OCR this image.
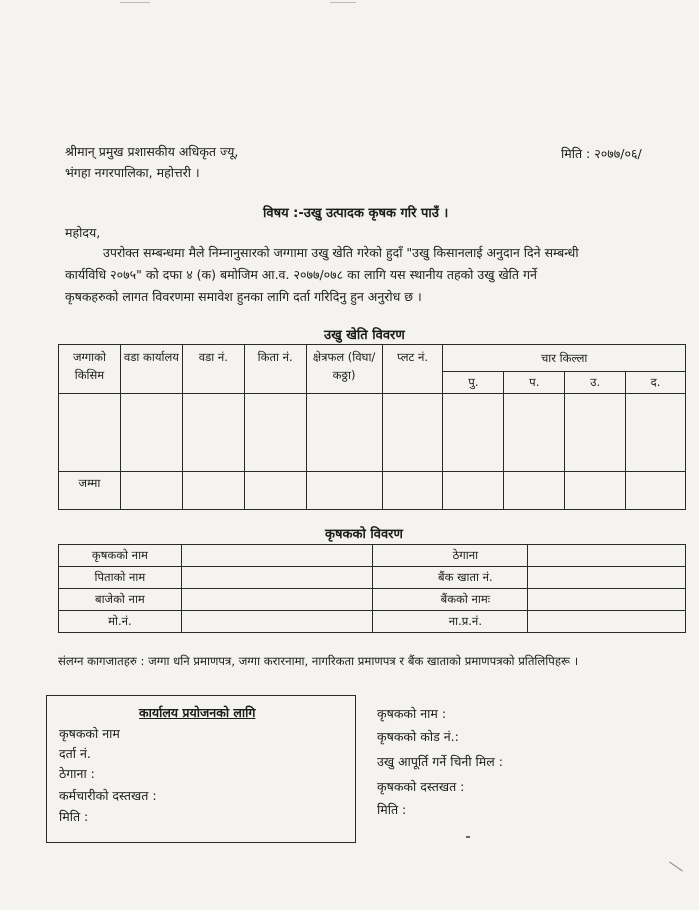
श्रीमान् प्रमुख प्रशासकीय अधिकृत ज्यू,
भंगहा नगरपालिका, महोत्तरी ।
मिति : २०७७/०६/
विषय :-उखु उत्पादक कृषक गरि पाउँ ।
महोदय,
उपरोक्त सम्बन्धमा मैले निम्नानुसारको जग्गामा उखु खेति गरेको हुदाँ "उखु किसानलाई अनुदान दिने सम्बन्धी
कार्यविधि २०७५" को दफा ४ (क) बमोजिम आ.व. २०७७/०७८ का लागि यस स्थानीय तहको उखु खेति गर्ने
कृषकहरुको लागत विवरणमा समावेश हुनका लागि दर्ता गरिदिनु हुन अनुरोध छ ।
उखु खेति विवरण
जग्गाको किसिम	वडा कार्यालय	वडा नं.	किता नं.	क्षेत्रफल (विघा/कठ्ठा)	प्लट नं.	चार किल्ला			
						पु.	प.	उ.	द.

जम्मा									
कृषकको विवरण
कृषकको नाम		ठेगाना	
पिताको नाम		बैंक खाता नं.	
बाजेको नाम		बैंकको नामः	
मो.नं.		ना.प्र.नं.	
संलग्न कागजातहरु : जग्गा धनि प्रमाणपत्र, जग्गा करारनामा, नागरिकता प्रमाणपत्र र बैंक खाताको प्रमाणपत्रको प्रतिलिपिहरू ।
कार्यालय प्रयोजनको लागि
कृषकको नाम
दर्ता नं.
ठेगाना :
कर्मचारीको दस्तखत :
मिति :
कृषकको नाम :
कृषकको कोड नं.:
उखु आपूर्ति गर्ने चिनी मिल :
कृषकको दस्तखत :
मिति :
